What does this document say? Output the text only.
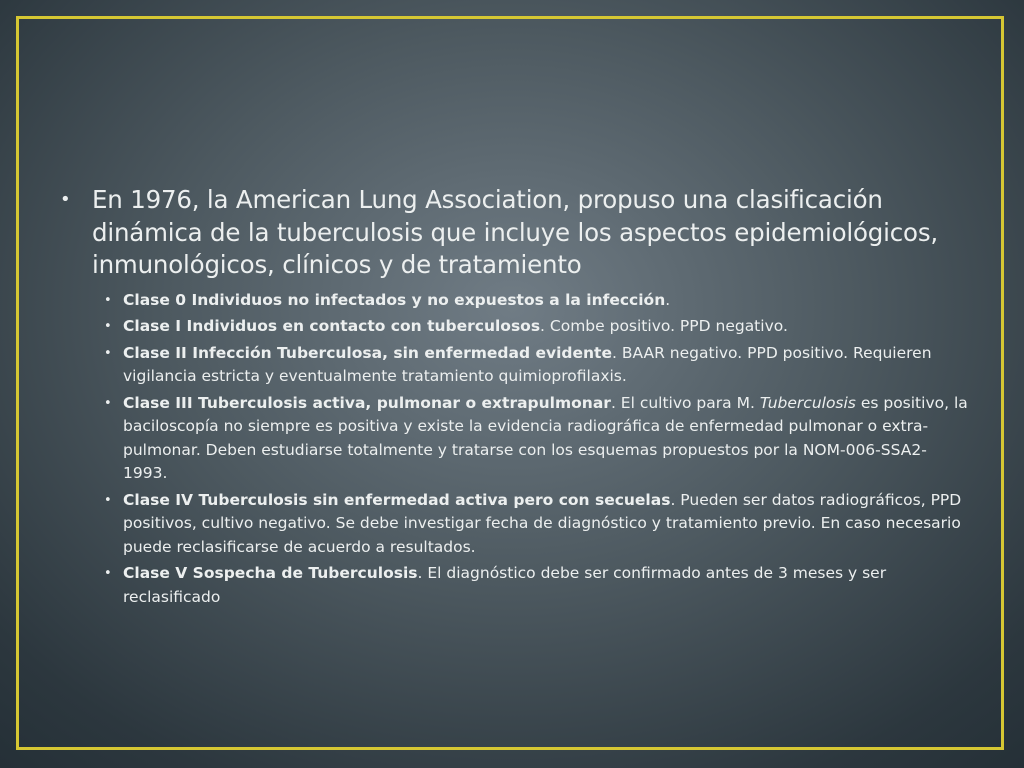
• En 1976, la American Lung Association, propuso una clasificación dinámica de la tuberculosis que incluye los aspectos epidemiológicos, inmunológicos, clínicos y de tratamiento

• Clase 0 Individuos no infectados y no expuestos a la infección.
• Clase I Individuos en contacto con tuberculosos. Combe positivo. PPD negativo.
• Clase II Infección Tuberculosa, sin enfermedad evidente. BAAR negativo. PPD positivo. Requieren vigilancia estricta y eventualmente tratamiento quimioprofilaxis.
• Clase III Tuberculosis activa, pulmonar o extrapulmonar. El cultivo para M. Tuberculosis es positivo, la baciloscopía no siempre es positiva y existe la evidencia radiográfica de enfermedad pulmonar o extra-pulmonar. Deben estudiarse totalmente y tratarse con los esquemas propuestos por la NOM-006-SSA2-1993.
• Clase IV Tuberculosis sin enfermedad activa pero con secuelas. Pueden ser datos radiográficos, PPD positivos, cultivo negativo. Se debe investigar fecha de diagnóstico y tratamiento previo. En caso necesario puede reclasificarse de acuerdo a resultados.
• Clase V Sospecha de Tuberculosis. El diagnóstico debe ser confirmado antes de 3 meses y ser reclasificado
